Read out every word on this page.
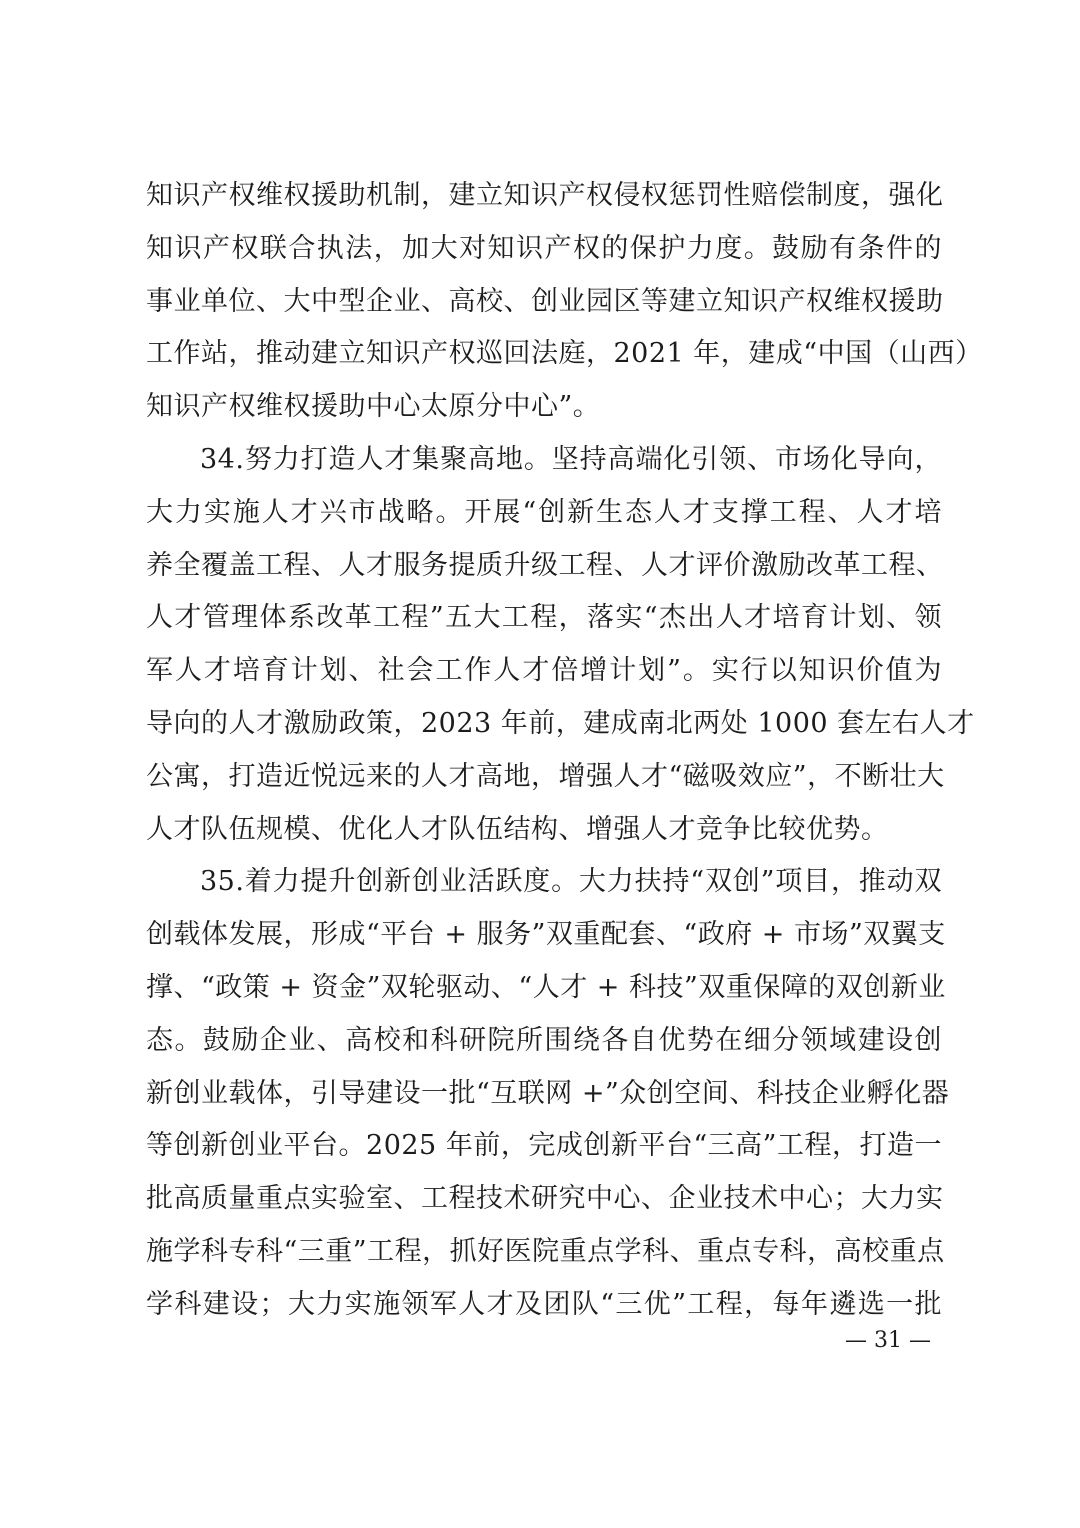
知识产权维权援助机制，建立知识产权侵权惩罚性赔偿制度，强化
知识产权联合执法，加大对知识产权的保护力度。鼓励有条件的
事业单位、大中型企业、高校、创业园区等建立知识产权维权援助
工作站，推动建立知识产权巡回法庭，2021 年，建成“中国（山西）
知识产权维权援助中心太原分中心”。
34.努力打造人才集聚高地。坚持高端化引领、市场化导向，
大力实施人才兴市战略。开展“创新生态人才支撑工程、人才培
养全覆盖工程、人才服务提质升级工程、人才评价激励改革工程、
人才管理体系改革工程”五大工程，落实“杰出人才培育计划、领
军人才培育计划、社会工作人才倍增计划”。实行以知识价值为
导向的人才激励政策，2023 年前，建成南北两处 1000 套左右人才
公寓，打造近悦远来的人才高地，增强人才“磁吸效应”，不断壮大
人才队伍规模、优化人才队伍结构、增强人才竞争比较优势。
35.着力提升创新创业活跃度。大力扶持“双创”项目，推动双
创载体发展，形成“平台 + 服务”双重配套、“政府 + 市场”双翼支
撑、“政策 + 资金”双轮驱动、“人才 + 科技”双重保障的双创新业
态。鼓励企业、高校和科研院所围绕各自优势在细分领域建设创
新创业载体，引导建设一批“互联网 +”众创空间、科技企业孵化器
等创新创业平台。2025 年前，完成创新平台“三高”工程，打造一
批高质量重点实验室、工程技术研究中心、企业技术中心；大力实
施学科专科“三重”工程，抓好医院重点学科、重点专科，高校重点
学科建设；大力实施领军人才及团队“三优”工程，每年遴选一批
— 31 —
